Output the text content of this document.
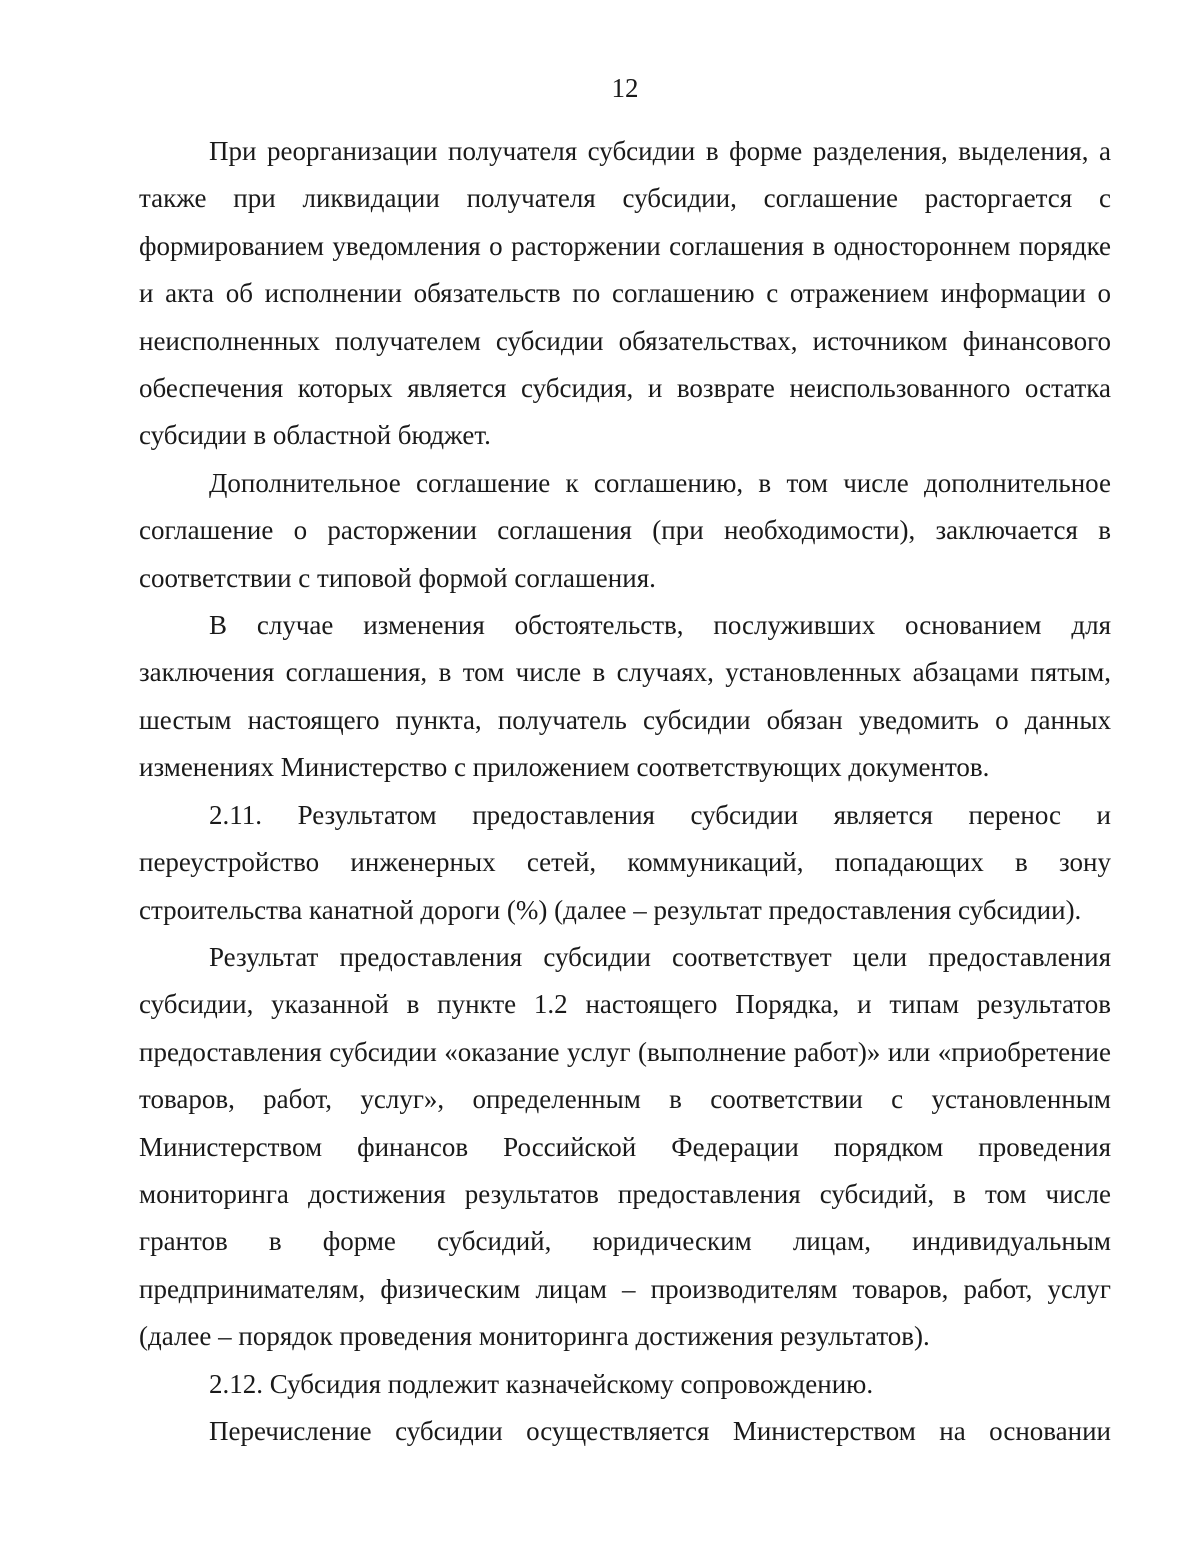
12

При реорганизации получателя субсидии в форме разделения, выделения, а также при ликвидации получателя субсидии, соглашение расторгается с формированием уведомления о расторжении соглашения в одностороннем порядке и акта об исполнении обязательств по соглашению с отражением информации о неисполненных получателем субсидии обязательствах, источником финансового обеспечения которых является субсидия, и возврате неиспользованного остатка субсидии в областной бюджет.

Дополнительное соглашение к соглашению, в том числе дополнительное соглашение о расторжении соглашения (при необходимости), заключается в соответствии с типовой формой соглашения.

В случае изменения обстоятельств, послуживших основанием для заключения соглашения, в том числе в случаях, установленных абзацами пятым, шестым настоящего пункта, получатель субсидии обязан уведомить о данных изменениях Министерство с приложением соответствующих документов.

2.11. Результатом предоставления субсидии является перенос и переустройство инженерных сетей, коммуникаций, попадающих в зону строительства канатной дороги (%) (далее – результат предоставления субсидии).

Результат предоставления субсидии соответствует цели предоставления субсидии, указанной в пункте 1.2 настоящего Порядка, и типам результатов предоставления субсидии «оказание услуг (выполнение работ)» или «приобретение товаров, работ, услуг», определенным в соответствии с установленным Министерством финансов Российской Федерации порядком проведения мониторинга достижения результатов предоставления субсидий, в том числе грантов в форме субсидий, юридическим лицам, индивидуальным предпринимателям, физическим лицам – производителям товаров, работ, услуг (далее – порядок проведения мониторинга достижения результатов).

2.12. Субсидия подлежит казначейскому сопровождению.

Перечисление субсидии осуществляется Министерством на основании
